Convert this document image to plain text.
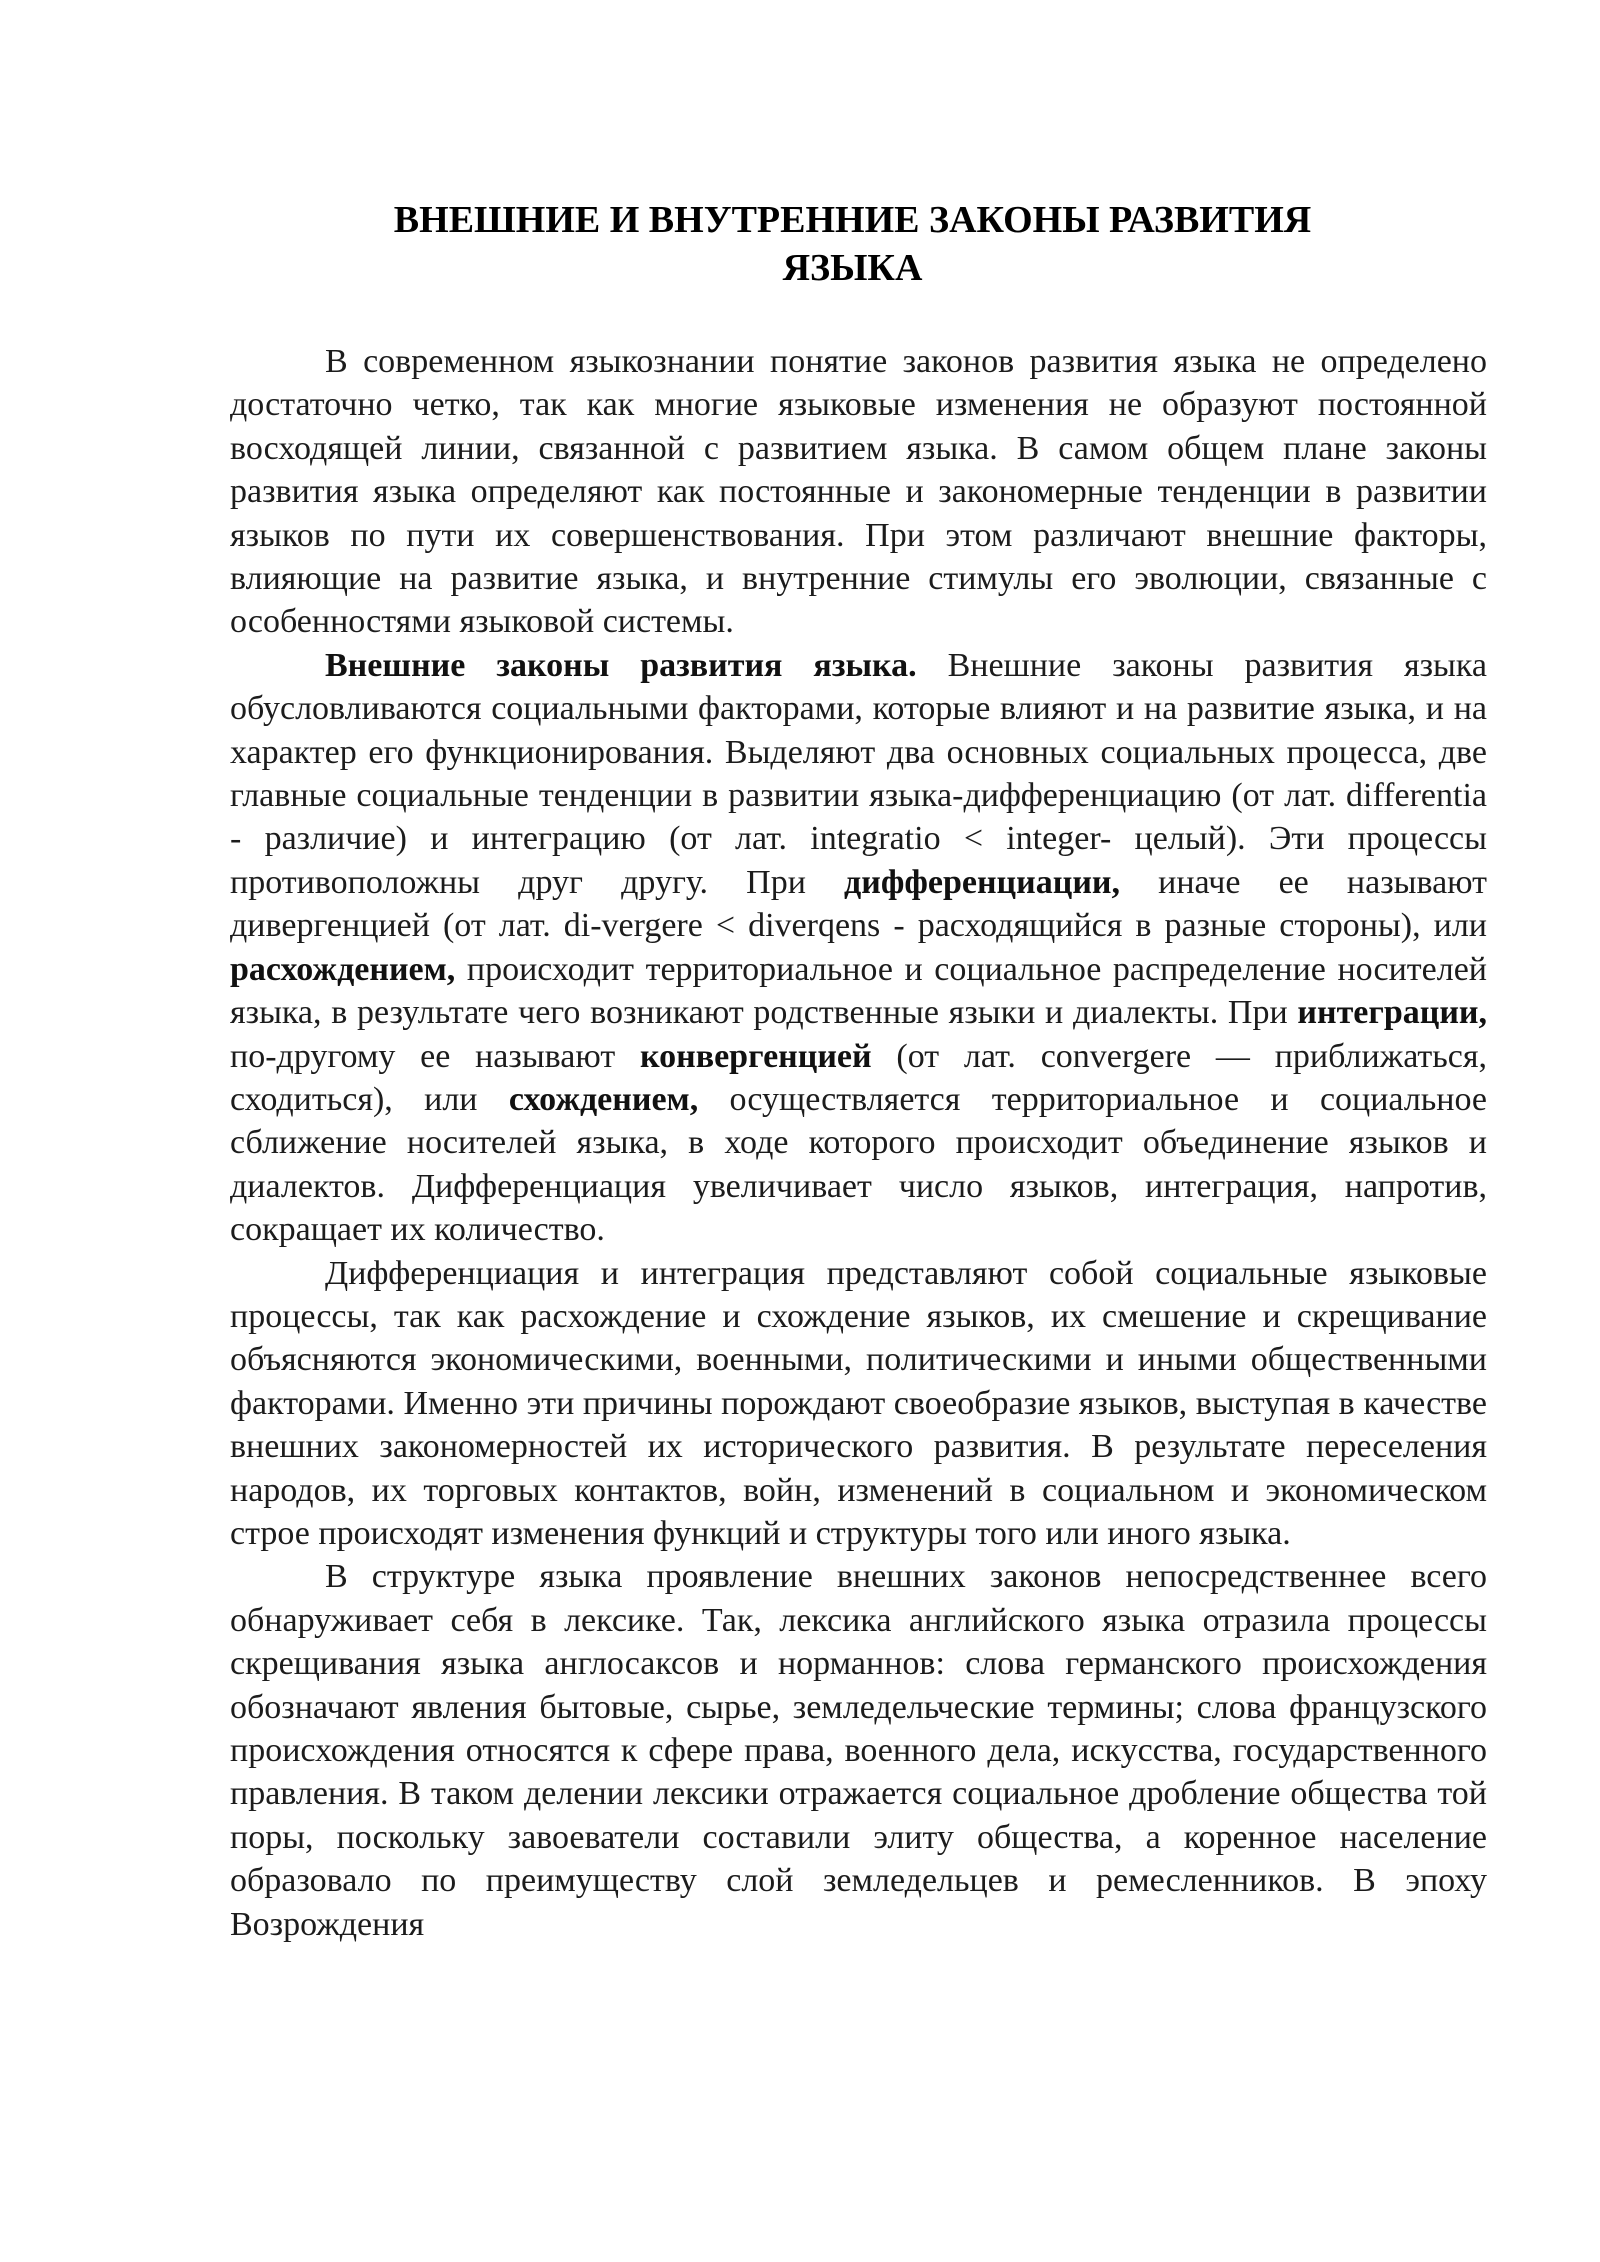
ВНЕШНИЕ И ВНУТРЕННИЕ ЗАКОНЫ РАЗВИТИЯ
ЯЗЫКА

В современном языкознании понятие законов развития языка не определено достаточно четко, так как многие языковые изменения не образуют постоянной восходящей линии, связанной с развитием языка. В самом общем плане законы развития языка определяют как постоянные и закономерные тенденции в развитии языков по пути их совершенствования. При этом различают внешние факторы, влияющие на развитие языка, и внутренние стимулы его эволюции, связанные с особенностями языковой системы.

Внешние законы развития языка. Внешние законы развития языка обусловливаются социальными факторами, которые влияют и на развитие языка, и на характер его функционирования. Выделяют два основных социальных процесса, две главные социальные тенденции в развитии языка-дифференциацию (от лат. differentia - различие) и интеграцию (от лат. integratio < integer- целый). Эти процессы противоположны друг другу. При дифференциации, иначе ее называют дивергенцией (от лат. di-vergere < diverqens - расходящийся в разные стороны), или расхождением, происходит территориальное и социальное распределение носителей языка, в результате чего возникают родственные языки и диалекты. При интеграции, по-другому ее называют конвергенцией (от лат. convergere — приближаться, сходиться), или схождением, осуществляется территориальное и социальное сближение носителей языка, в ходе которого происходит объединение языков и диалектов. Дифференциация увеличивает число языков, интеграция, напротив, сокращает их количество.

Дифференциация и интеграция представляют собой социальные языковые процессы, так как расхождение и схождение языков, их смешение и скрещивание объясняются экономическими, военными, политическими и иными общественными факторами. Именно эти причины порождают своеобразие языков, выступая в качестве внешних закономерностей их исторического развития. В результате переселения народов, их торговых контактов, войн, изменений в социальном и экономическом строе происходят изменения функций и структуры того или иного языка.

В структуре языка проявление внешних законов непосредственнее всего обнаруживает себя в лексике. Так, лексика английского языка отразила процессы скрещивания языка англосаксов и норманнов: слова германского происхождения обозначают явления бытовые, сырье, земледельческие термины; слова французского происхождения относятся к сфере права, военного дела, искусства, государственного правления. В таком делении лексики отражается социальное дробление общества той поры, поскольку завоеватели составили элиту общества, а коренное население образовало по преимуществу слой земледельцев и ремесленников. В эпоху Возрождения
